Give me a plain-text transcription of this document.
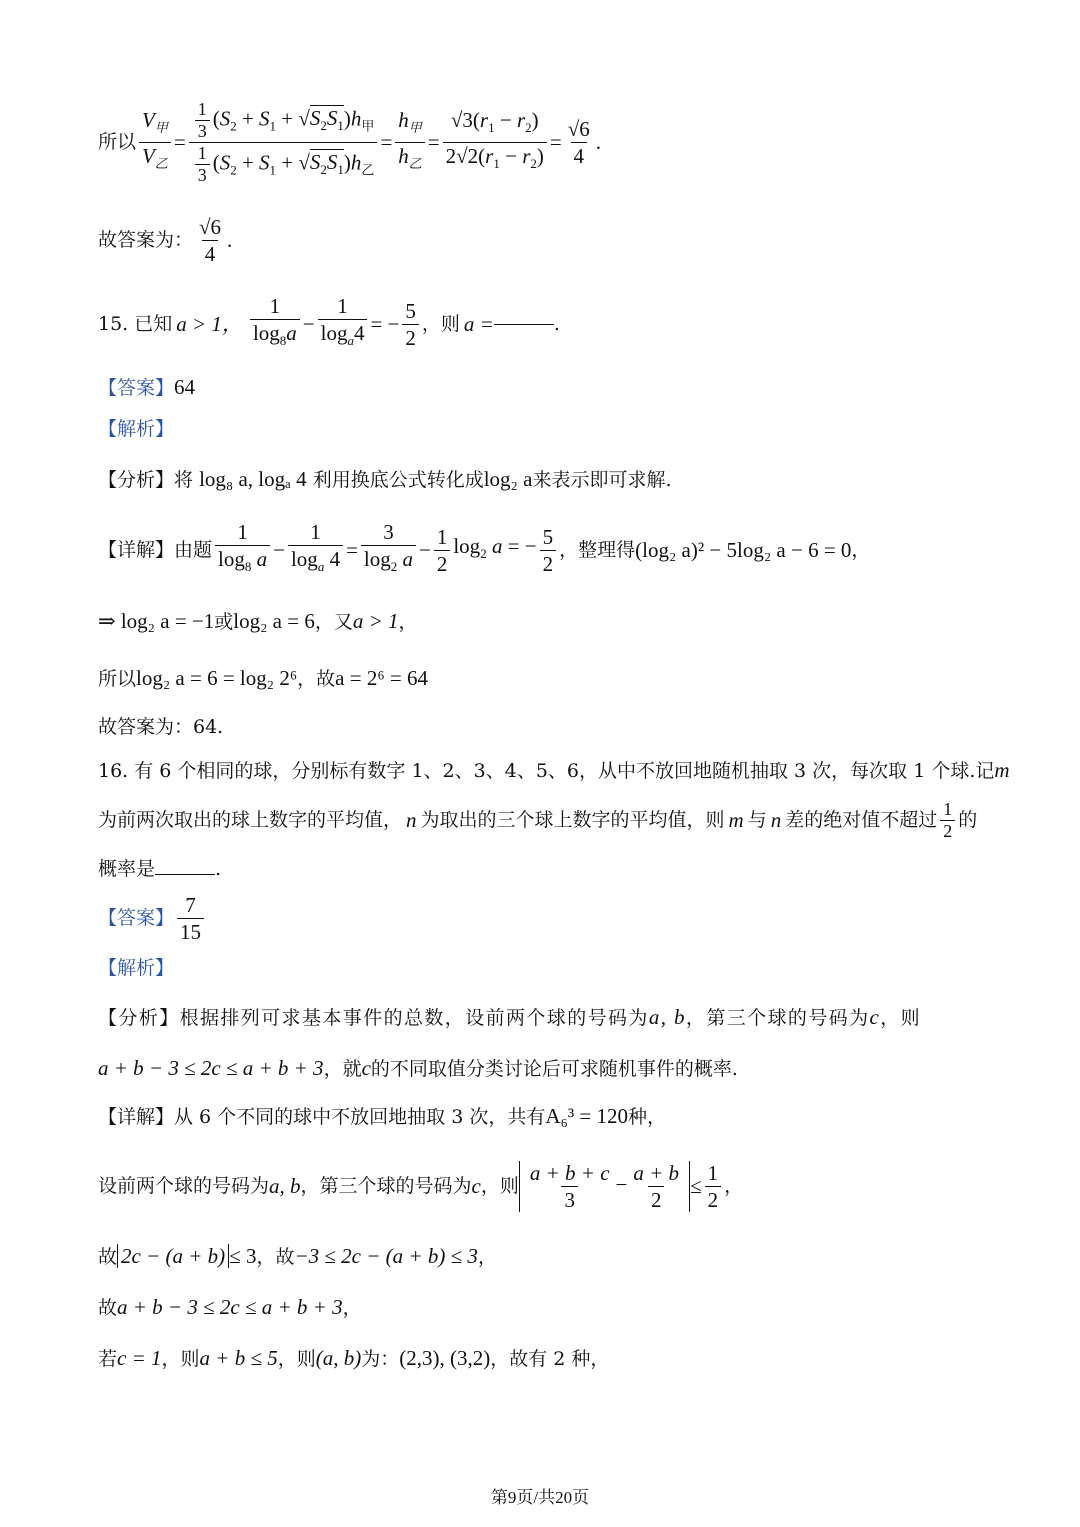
所以 $\frac{V_甲}{V_乙} = \frac{\frac{1}{3} (S_2 + S_1 + √S_2S_1)h_甲}{\frac{1}{3} (S_2 + S_1 + √S_2S_1)h_乙} = \frac{h_甲}{h_乙} = \frac{√3(r_1 - r_2)}{2√2(r_1 - r_2)} = \frac{√6}{4}$ .
故答案为： $\frac{√6}{4}$ .
15. 已知 a > 1， $\frac{1}{\log_8a} - \frac{1}{\log_a4}$ = − $\frac{5}{2}$ ，则 a =	.
【答案】64
【解析】
【分析】将 log₈ a, logₐ 4 利用换底公式转化成log₂ a来表示即可求解.
【详解】 由题 $\frac{1}{\log_8 a} - \frac{1}{\log_a 4} = \frac{3}{\log_2 a} - \frac{1}{2} \log_2 a$ = − $\frac{5}{2}$ ，整理得 (log₂ a)² − 5log₂ a − 6 = 0 ，
⇒ log₂ a = −1或log₂ a = 6，又a > 1，
所以log₂ a = 6 = log₂ 2⁶，故a = 2⁶ = 64
故答案为：64.
16. 有 6 个相同的球，分别标有数字 1、2、3、4、5、6，从中不放回地随机抽取 3 次，每次取 1 个球.记m
为前两次取出的球上数字的平均值， n 为取出的三个球上数字的平均值，则 m 与 n 差的绝对值不超过 $\frac{1}{2}$ 的
概率是	.
【答案】 $\frac{7}{15}$
【解析】
【分析】根据排列可求基本事件的总数，设前两个球的号码为a, b，第三个球的号码为c，则
a + b − 3 ≤ 2c ≤ a + b + 3，就c的不同取值分类讨论后可求随机事件的概率.
【详解】从 6 个不同的球中不放回地抽取 3 次，共有A₆³ = 120种，
设前两个球的号码为 a, b ，第三个球的号码为 c ，则 $\frac{a + b + c}{3} - \frac{a + b}{2} \le \frac{1}{2}$ ，
故 2c − (a + b) ≤ 3，故−3 ≤ 2c − (a + b) ≤ 3，
故a + b − 3 ≤ 2c ≤ a + b + 3，
若c = 1，则a + b ≤ 5，则(a, b)为：(2,3), (3,2)，故有 2 种，
第9页/共20页
